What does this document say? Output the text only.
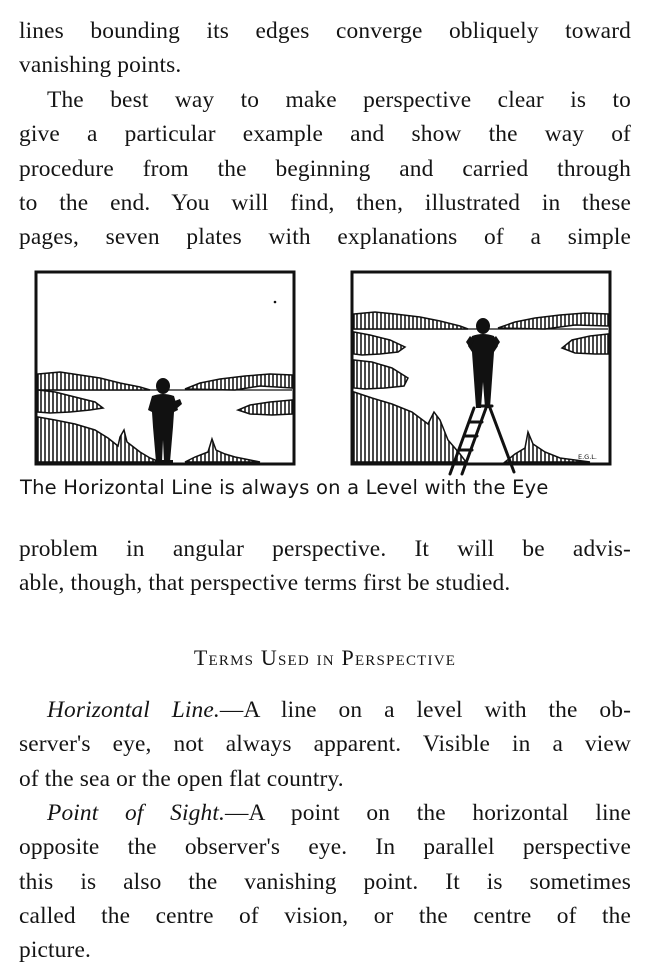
lines bounding its edges converge obliquely toward
vanishing points.
The best way to make perspective clear is to
give a particular example and show the way of
procedure from the beginning and carried through
to the end. You will find, then, illustrated in these
pages, seven plates with explanations of a simple
E.G.L.
The Horizontal Line is always on a Level with the Eye
problem in angular perspective. It will be advis-
able, though, that perspective terms first be studied.
Terms Used in Perspective
Horizontal Line.—A line on a level with the ob-
server's eye, not always apparent. Visible in a view
of the sea or the open flat country.
Point of Sight.—A point on the horizontal line
opposite the observer's eye. In parallel perspective
this is also the vanishing point. It is sometimes
called the centre of vision, or the centre of the
picture.
